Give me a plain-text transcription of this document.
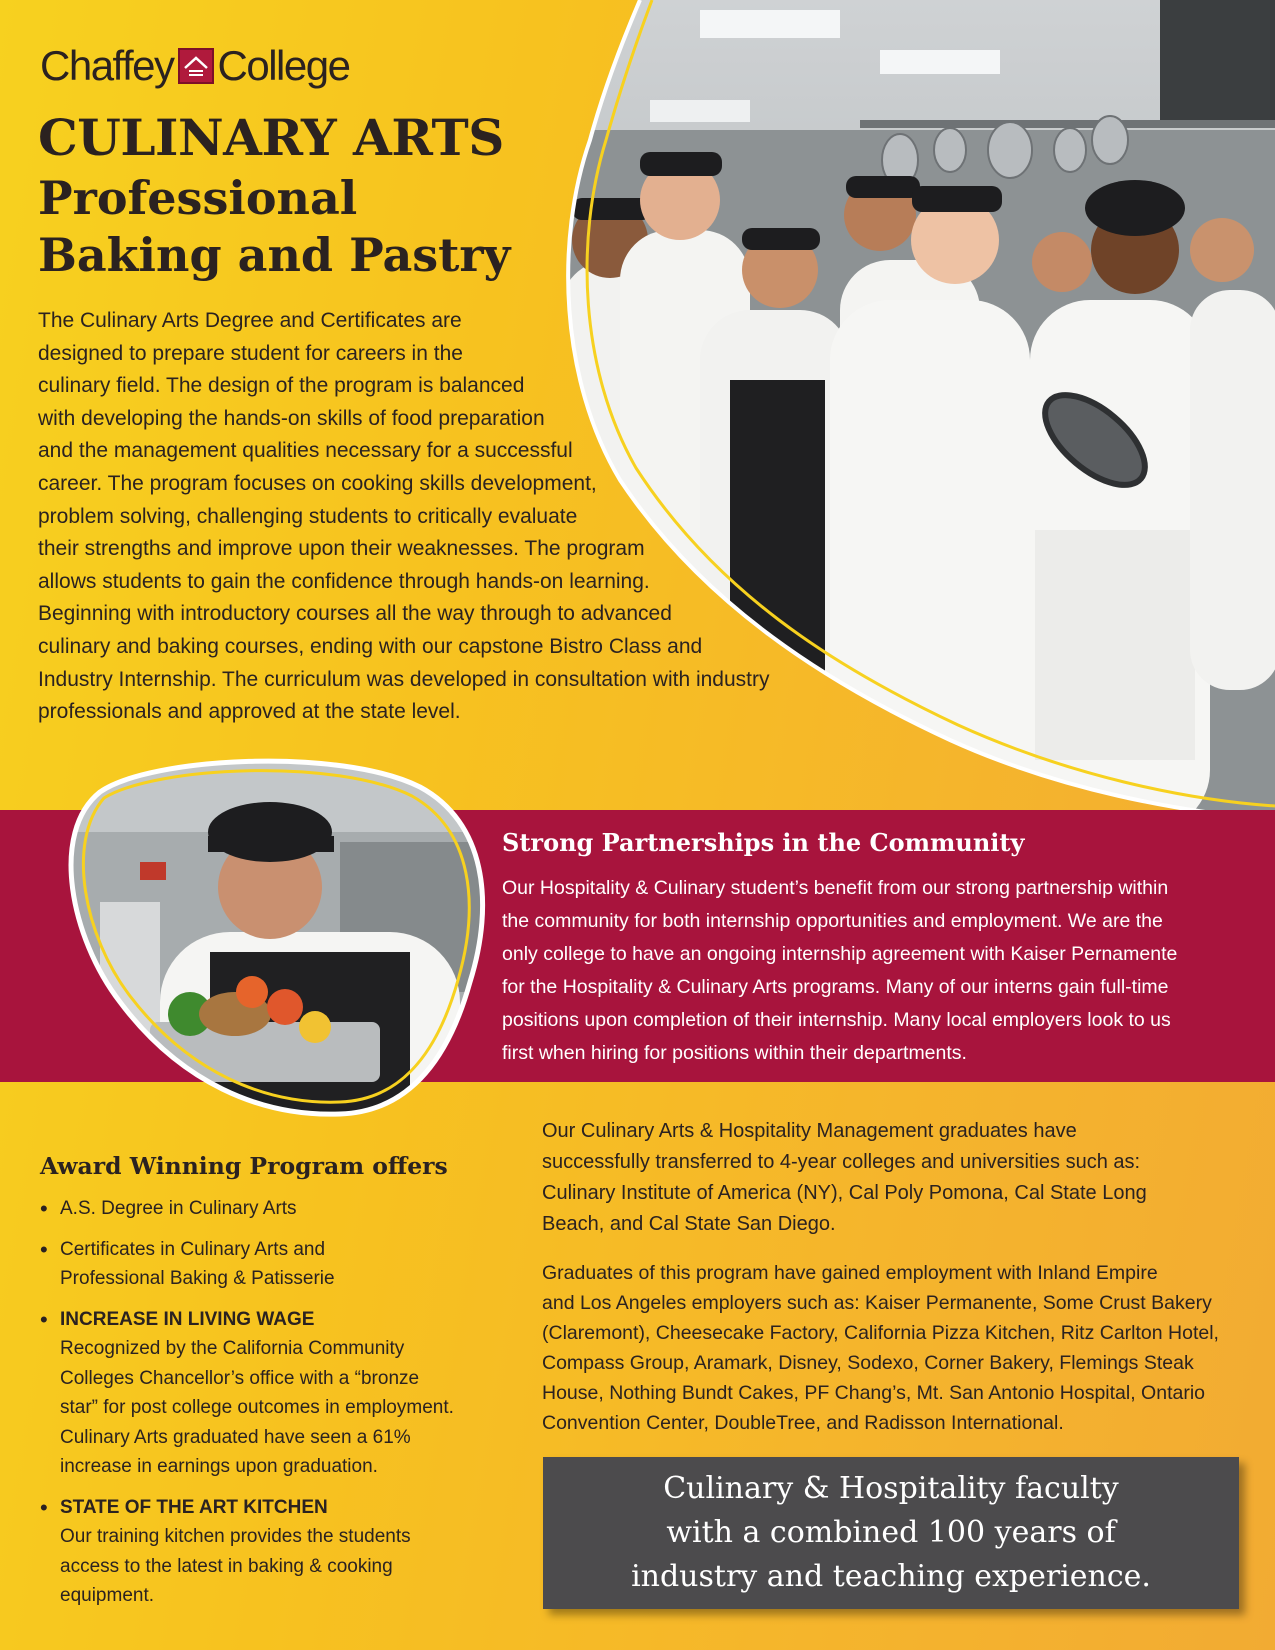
Chaffey College
CULINARY ARTS
Professional
Baking and Pastry

The Culinary Arts Degree and Certificates are
designed to prepare student for careers in the
culinary field. The design of the program is balanced
with developing the hands-on skills of food preparation
and the management qualities necessary for a successful
career. The program focuses on cooking skills development,
problem solving, challenging students to critically evaluate
their strengths and improve upon their weaknesses. The program
allows students to gain the confidence through hands-on learning.
Beginning with introductory courses all the way through to advanced
culinary and baking courses, ending with our capstone Bistro Class and
Industry Internship. The curriculum was developed in consultation with industry
professionals and approved at the state level.

Strong Partnerships in the Community

Our Hospitality & Culinary student’s benefit from our strong partnership within
the community for both internship opportunities and employment. We are the
only college to have an ongoing internship agreement with Kaiser Pernamente
for the Hospitality & Culinary Arts programs. Many of our interns gain full-time
positions upon completion of their internship. Many local employers look to us
first when hiring for positions within their departments.

Award Winning Program offers
• A.S. Degree in Culinary Arts
• Certificates in Culinary Arts and
Professional Baking & Patisserie
• INCREASE IN LIVING WAGE
Recognized by the California Community
Colleges Chancellor’s office with a “bronze
star” for post college outcomes in employment.
Culinary Arts graduated have seen a 61%
increase in earnings upon graduation.
• STATE OF THE ART KITCHEN
Our training kitchen provides the students
access to the latest in baking & cooking
equipment.

Our Culinary Arts & Hospitality Management graduates have
successfully transferred to 4-year colleges and universities such as:
Culinary Institute of America (NY), Cal Poly Pomona, Cal State Long
Beach, and Cal State San Diego.

Graduates of this program have gained employment with Inland Empire
and Los Angeles employers such as: Kaiser Permanente, Some Crust Bakery
(Claremont), Cheesecake Factory, California Pizza Kitchen, Ritz Carlton Hotel,
Compass Group, Aramark, Disney, Sodexo, Corner Bakery, Flemings Steak
House, Nothing Bundt Cakes, PF Chang’s, Mt. San Antonio Hospital, Ontario
Convention Center, DoubleTree, and Radisson International.

Culinary & Hospitality faculty
with a combined 100 years of
industry and teaching experience.
